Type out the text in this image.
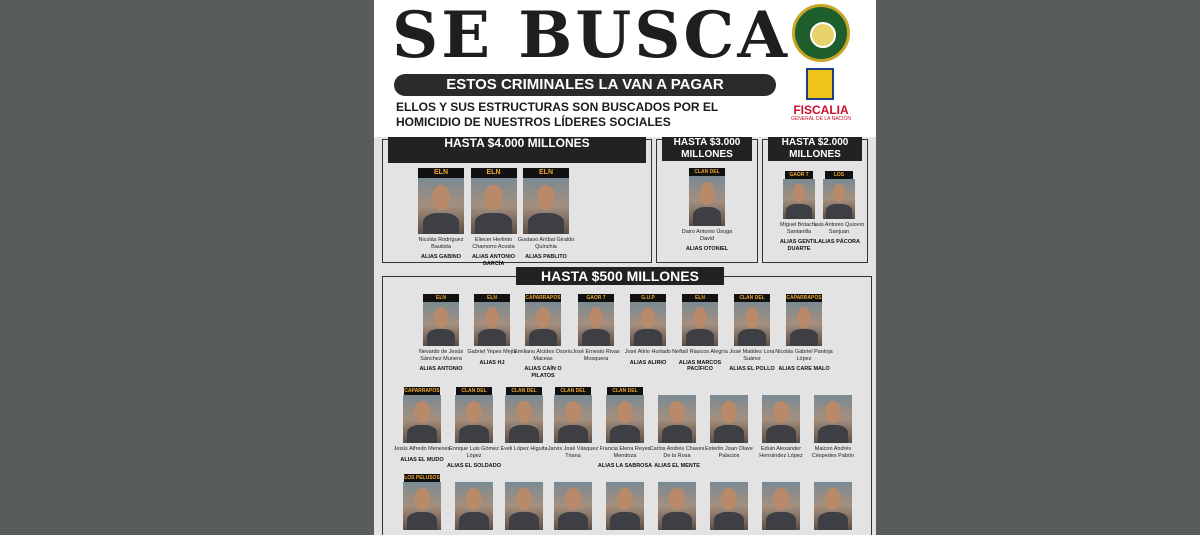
SE BUSCA
ESTOS CRIMINALES LA VAN A PAGAR
ELLOS Y SUS ESTRUCTURAS SON BUSCADOS POR EL HOMICIDIO DE NUESTROS LÍDERES SOCIALES
FISCALIA
GENERAL DE LA NACIÓN
HASTA $4.000 MILLONES	HASTA $3.000 MILLONES
HASTA $2.000 MILLONES
HASTA $500 MILLONES
ELN
Nicolás Rodríguez Bautista
ALIAS GABINO
ELN
Eliecer Herlinto Chamorro Acosta
ALIAS ANTONIO GARCÍA
ELN
Gustavo Aníbal Giraldo Quinchia
ALIAS PABLITO
CLAN DEL
Dairo Antonio Úsuga David
ALIAS OTONIEL
GAOR 7
Miguel Botache Santanilla
ALIAS GENTIL DUARTE
LOS
Luis Antonio Quicero Sanjuan
ALIAS PÁCORA
ELN
Nevardo de Jesús Sánchez Munera
ALIAS ANTONIO
ELN
Gabriel Yepes Mejía
ALIAS HJ
CAPARRAPOS
Emiliano Alcides Osorio Maceas
ALIAS CAÍN O PILATOS
GAOR 7
José Ernesto Rivas Mosquera
G.U.P
José Alirio Hurtado
ALIAS ALIRIO
ELN
Neftalí Riascos Alegría
ALIAS MARCOS PACÍFICO
CLAN DEL
José Matides Lora Suárez
ALIAS EL POLLO
CAPARRAPOS
Nicolás Gabriel Pantoja López
ALIAS CARE MALO
CAPARRAPOS
Jesús Alfredo Meneses
ALIAS EL MUDO
CLAN DEL
Enrique Luis Gómez López
ALIAS EL SOLDADO
CLAN DEL
Eveli López Higuita
CLAN DEL
Jarvis José Vásquez Triana
CLAN DEL
Francia Elena Reyes Mendoza
ALIAS LA SABROSA
Carlos Andrés Chaves De la Rosa
ALIAS EL MENTE
Esterlin Joan Olave Palacios
Eduin Alexander Hernández López
Maicon Andrés Céspedes Pabón
LOS PELUSOS
